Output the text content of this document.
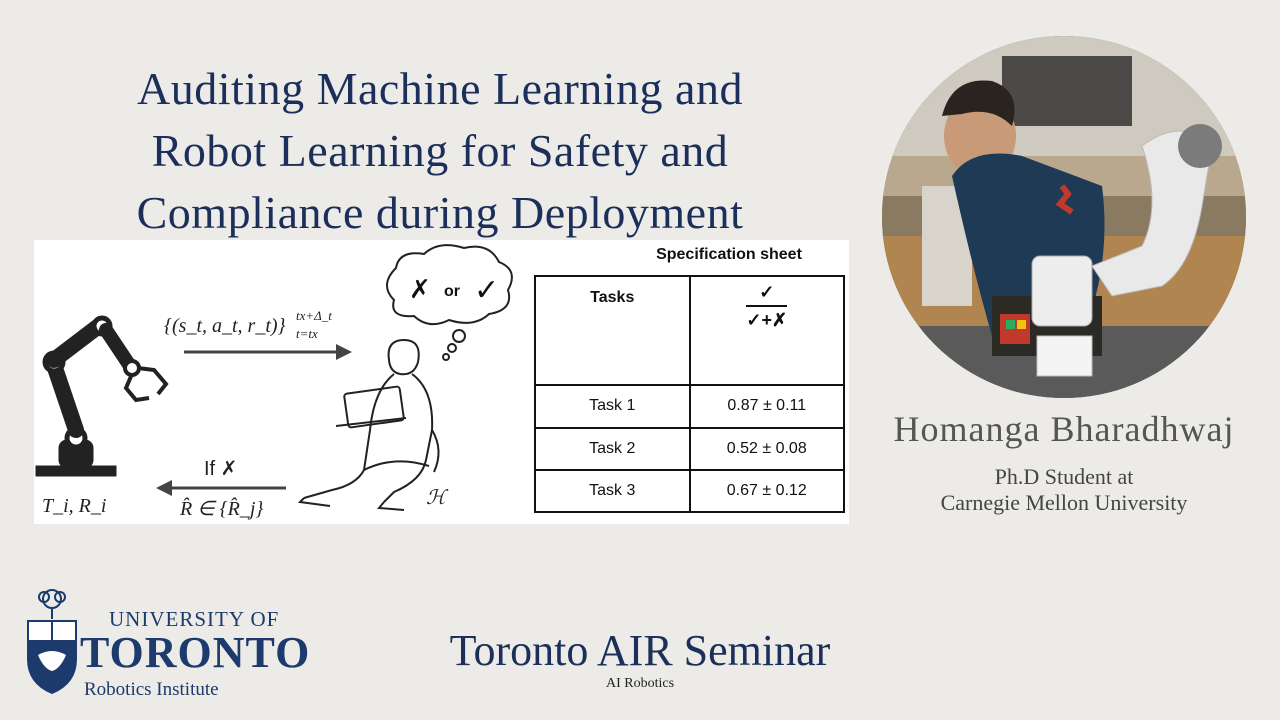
Auditing Machine Learning and
Robot Learning for Safety and
Compliance during Deployment
T_i, R_i
{(s_t, a_t, r_t)} tx+Δ_t
t=tx
If ✗
R̂ ∈ {R̂_j}
✗ or ✓
ℋ
Specification sheet
Tasks	$\frac{✓}{✓+✗}$

Task 1	0.87 ± 0.11
Task 2	0.52 ± 0.08
Task 3	0.67 ± 0.12
Homanga Bharadhwaj
Ph.D Student at
Carnegie Mellon University
UNIVERSITY OF
TORONTO
Robotics Institute
Toronto AIR Seminar
AI Robotics
